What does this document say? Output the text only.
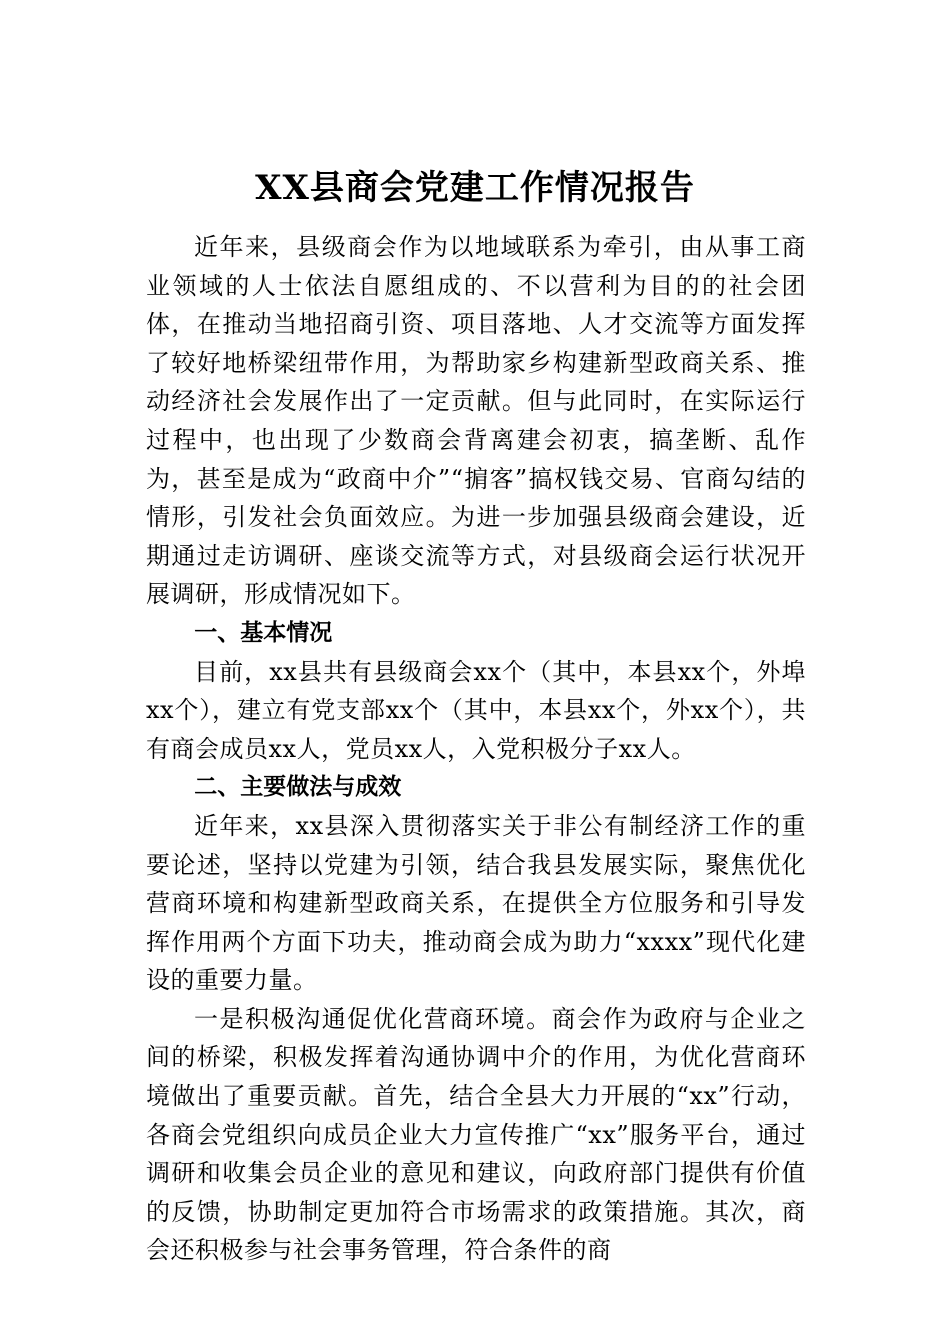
XX县商会党建工作情况报告

近年来，县级商会作为以地域联系为牵引，由从事工商业领域的人士依法自愿组成的、不以营利为目的的社会团体，在推动当地招商引资、项目落地、人才交流等方面发挥了较好地桥梁纽带作用，为帮助家乡构建新型政商关系、推动经济社会发展作出了一定贡献。但与此同时，在实际运行过程中，也出现了少数商会背离建会初衷，搞垄断、乱作为，甚至是成为“政商中介”“掮客”搞权钱交易、官商勾结的情形，引发社会负面效应。为进一步加强县级商会建设，近期通过走访调研、座谈交流等方式，对县级商会运行状况开展调研，形成情况如下。

一、基本情况

目前，xx县共有县级商会xx个（其中，本县xx个，外埠xx个），建立有党支部xx个（其中，本县xx个，外xx个），共有商会成员xx人，党员xx人，入党积极分子xx人。

二、主要做法与成效

近年来，xx县深入贯彻落实关于非公有制经济工作的重要论述，坚持以党建为引领，结合我县发展实际，聚焦优化营商环境和构建新型政商关系，在提供全方位服务和引导发挥作用两个方面下功夫，推动商会成为助力“xxxx”现代化建设的重要力量。

一是积极沟通促优化营商环境。商会作为政府与企业之间的桥梁，积极发挥着沟通协调中介的作用，为优化营商环境做出了重要贡献。首先，结合全县大力开展的“xx”行动，各商会党组织向成员企业大力宣传推广“xx”服务平台，通过调研和收集会员企业的意见和建议，向政府部门提供有价值的反馈，协助制定更加符合市场需求的政策措施。其次，商会还积极参与社会事务管理，符合条件的商
